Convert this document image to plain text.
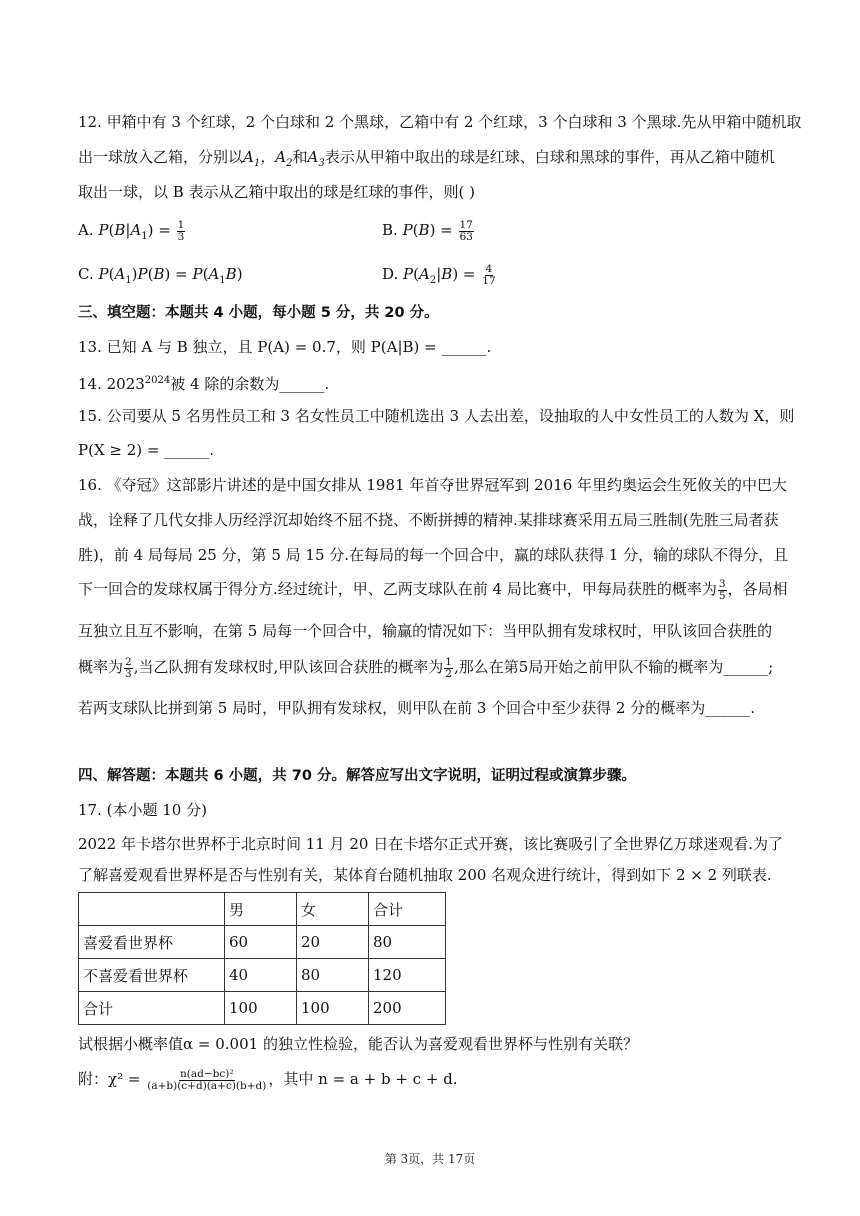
12. 甲箱中有 3 个红球，2 个白球和 2 个黑球，乙箱中有 2 个红球，3 个白球和 3 个黑球.先从甲箱中随机取
出一球放入乙箱，分别以$A_1$，$A_2$和$A_3$表示从甲箱中取出的球是红球、白球和黑球的事件，再从乙箱中随机
取出一球，以 B 表示从乙箱中取出的球是红球的事件，则( )
A. $P(B|A_1) = \frac{1}{3}$	B. $P(B) = \frac{17}{63}$
C. $P(A_1)P(B) = P(A_1B)$	D. $P(A_2|B) = \frac{4}{17}$
三、填空题：本题共 4 小题，每小题 5 分，共 20 分。
13. 已知 A 与 B 独立，且 P(A) = 0.7，则 P(A|B) = ______.
14. $2023^{2024}$被 4 除的余数为______.
15. 公司要从 5 名男性员工和 3 名女性员工中随机选出 3 人去出差，设抽取的人中女性员工的人数为 X，则
P(X ≥ 2) = ______.
16. 《夺冠》这部影片讲述的是中国女排从 1981 年首夺世界冠军到 2016 年里约奥运会生死攸关的中巴大
战，诠释了几代女排人历经浮沉却始终不屈不挠、不断拼搏的精神.某排球赛采用五局三胜制(先胜三局者获
胜)，前 4 局每局 25 分，第 5 局 15 分.在每局的每一个回合中，赢的球队获得 1 分，输的球队不得分，且
下一回合的发球权属于得分方.经过统计，甲、乙两支球队在前 4 局比赛中，甲每局获胜的概率为 $\frac{3}{5}$ ，各局相
互独立且互不影响，在第 5 局每一个回合中，输赢的情况如下：当甲队拥有发球权时，甲队该回合获胜的
概率为 $\frac{2}{3}$ ,当乙队拥有发球权时,甲队该回合获胜的概率为 $\frac{1}{2}$ ,那么在第5局开始之前甲队不输的概率为______;
若两支球队比拼到第 5 局时，甲队拥有发球权，则甲队在前 3 个回合中至少获得 2 分的概率为______.
四、解答题：本题共 6 小题，共 70 分。解答应写出文字说明，证明过程或演算步骤。
17. (本小题 10 分)
2022 年卡塔尔世界杯于北京时间 11 月 20 日在卡塔尔正式开赛，该比赛吸引了全世界亿万球迷观看.为了
了解喜爱观看世界杯是否与性别有关，某体育台随机抽取 200 名观众进行统计，得到如下 2 × 2 列联表.
	男	女	合计
喜爱看世界杯	60	20	80
不喜爱看世界杯	40	80	120
合计	100	100	200
试根据小概率值α = 0.001 的独立性检验，能否认为喜爱观看世界杯与性别有关联？
附：$\chi^2 = \frac{\text{n(ad−bc)²}}{(a+b)(c+d)(a+c)(b+d)}$ ，其中 n = a + b + c + d.
第 3页，共 17页
